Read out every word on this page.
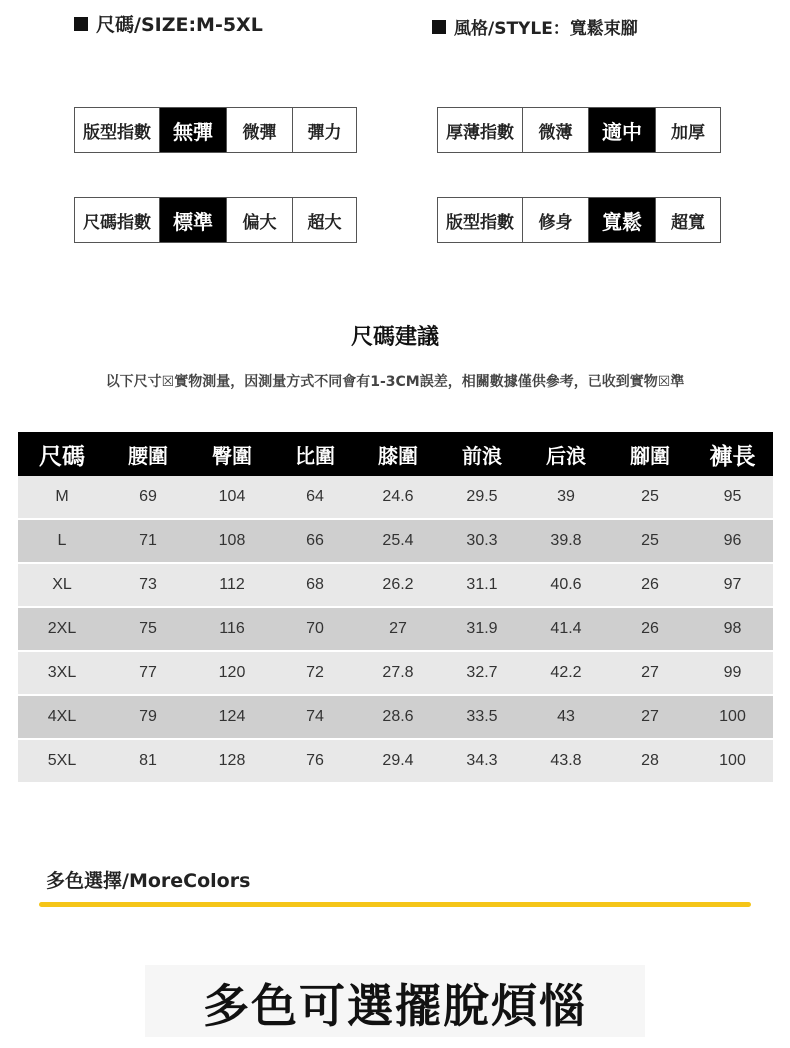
尺碼/SIZE:M-5XL	風格/STYLE：寬鬆束腳
版型指數	無彈	微彈	彈力	厚薄指數	微薄	適中	加厚
尺碼指數	標準	偏大	超大	版型指數	修身	寬鬆	超寬
尺碼建議
以下尺寸☒實物測量，因測量方式不同會有1-3CM誤差，相關數據僅供參考，已收到實物☒準
尺碼	腰圍	臀圍	比圍	膝圍	前浪	后浪	腳圍	褲長
M	69	104	64	24.6	29.5	39	25	95
L	71	108	66	25.4	30.3	39.8	25	96
XL	73	112	68	26.2	31.1	40.6	26	97
2XL	75	116	70	27	31.9	41.4	26	98
3XL	77	120	72	27.8	32.7	42.2	27	99
4XL	79	124	74	28.6	33.5	43	27	100
5XL	81	128	76	29.4	34.3	43.8	28	100
多色選擇/MoreColors
多色可選擺脫煩惱
